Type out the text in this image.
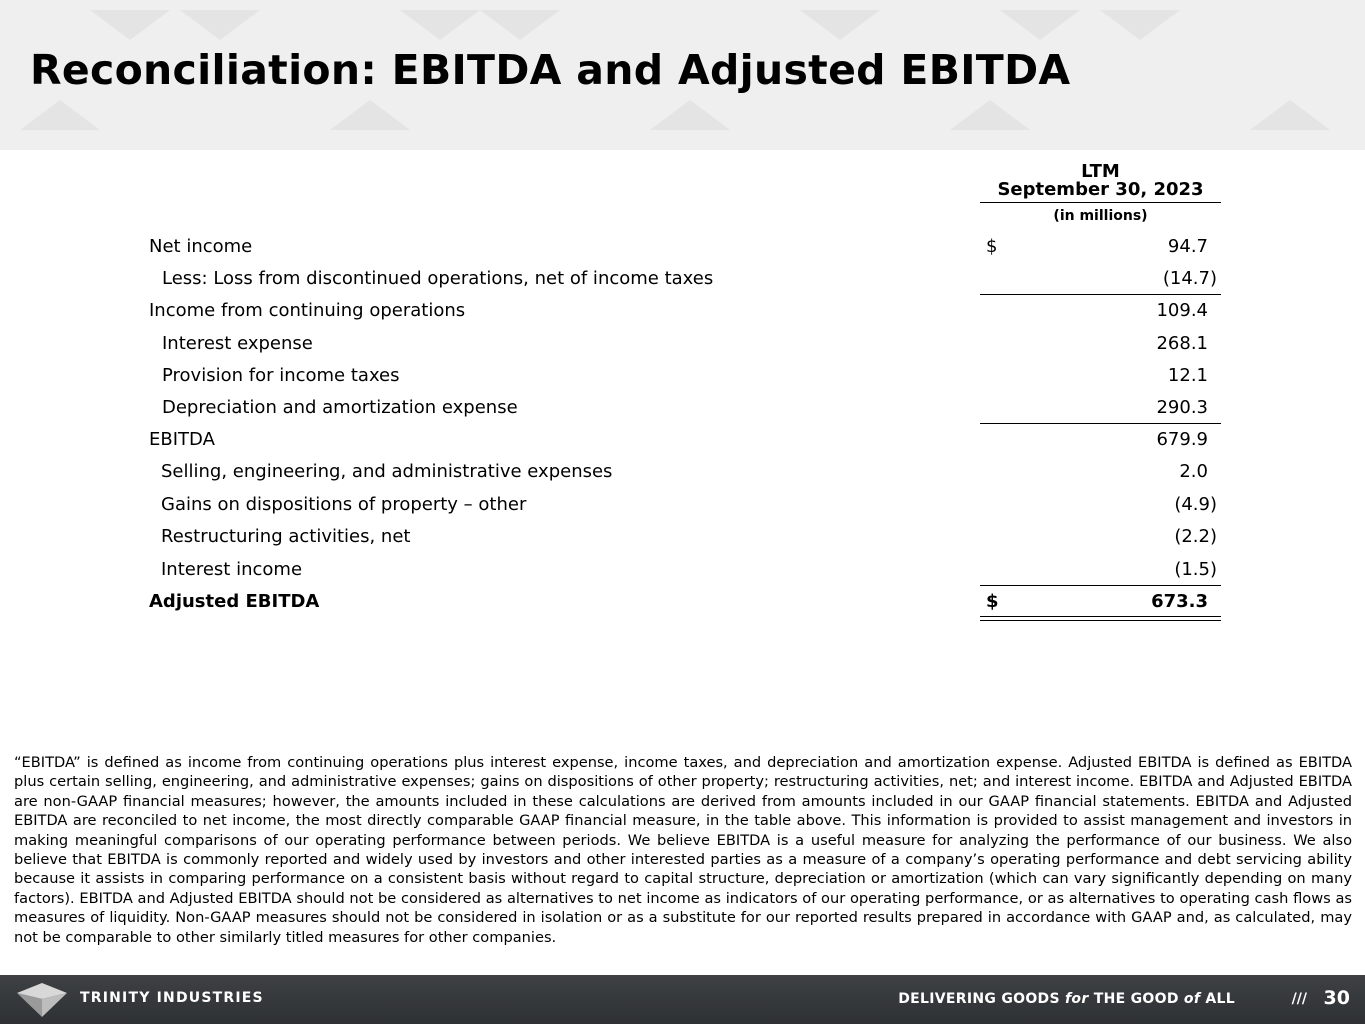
Reconciliation: EBITDA and Adjusted EBITDA
LTM
September 30, 2023
(in millions)
Net income	$	94.7
Less: Loss from discontinued operations, net of income taxes	(14.7)
Income from continuing operations	109.4
Interest expense	268.1
Provision for income taxes	12.1
Depreciation and amortization expense	290.3
EBITDA	679.9
Selling, engineering, and administrative expenses	2.0
Gains on dispositions of property – other	(4.9)
Restructuring activities, net	(2.2)
Interest income	(1.5)
Adjusted EBITDA	$	673.3

“EBITDA” is defined as income from continuing operations plus interest expense, income taxes, and depreciation and amortization expense. Adjusted EBITDA is defined as EBITDA plus certain selling, engineering, and administrative expenses; gains on dispositions of other property; restructuring activities, net; and interest income. EBITDA and Adjusted EBITDA are non-GAAP financial measures; however, the amounts included in these calculations are derived from amounts included in our GAAP financial statements. EBITDA and Adjusted EBITDA are reconciled to net income, the most directly comparable GAAP financial measure, in the table above. This information is provided to assist management and investors in making meaningful comparisons of our operating performance between periods. We believe EBITDA is a useful measure for analyzing the performance of our business. We also believe that EBITDA is commonly reported and widely used by investors and other interested parties as a measure of a company’s operating performance and debt servicing ability because it assists in comparing performance on a consistent basis without regard to capital structure, depreciation or amortization (which can vary significantly depending on many factors). EBITDA and Adjusted EBITDA should not be considered as alternatives to net income as indicators of our operating performance, or as alternatives to operating cash flows as measures of liquidity. Non-GAAP measures should not be considered in isolation or as a substitute for our reported results prepared in accordance with GAAP and, as calculated, may not be comparable to other similarly titled measures for other companies.

TRINITY INDUSTRIES	DELIVERING GOODS for THE GOOD of ALL	/// 30
